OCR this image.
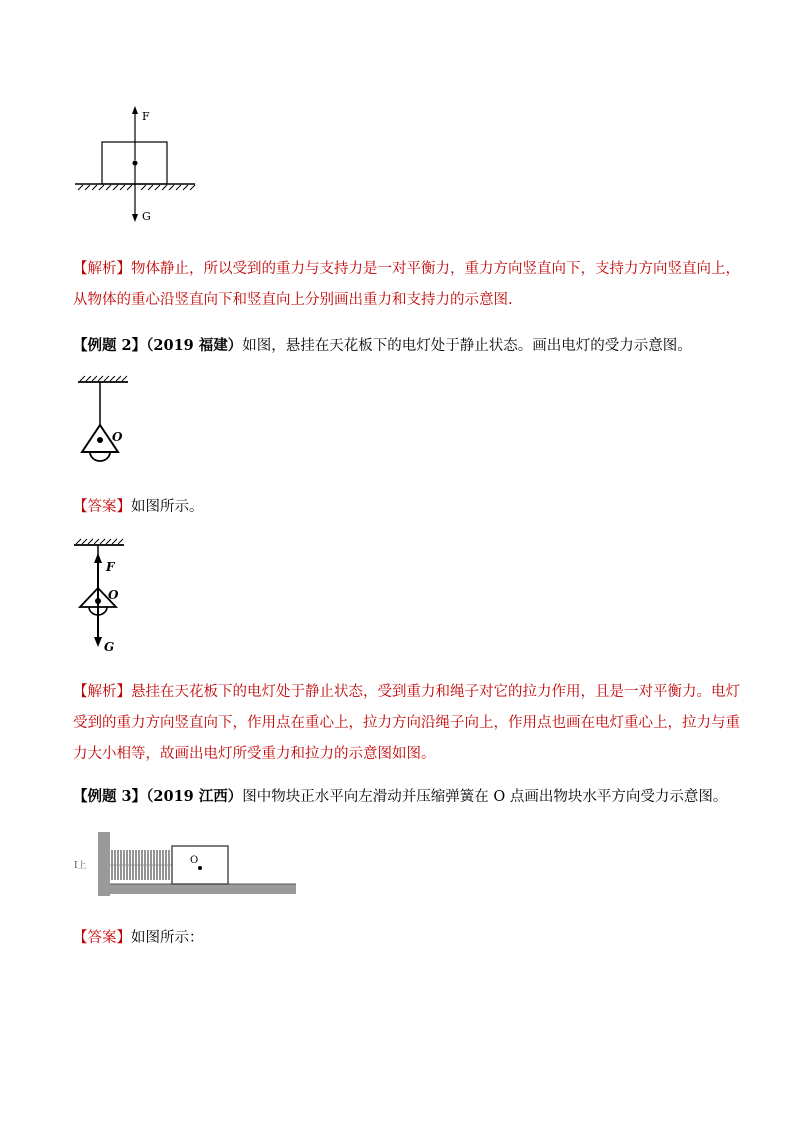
F
G
【解析】物体静止，所以受到的重力与支持力是一对平衡力，重力方向竖直向下，支持力方向竖直向上，
从物体的重心沿竖直向下和竖直向上分别画出重力和支持力的示意图.
【例题 2】（2019 福建）如图，悬挂在天花板下的电灯处于静止状态。画出电灯的受力示意图。
O
【答案】如图所示。
F
O
G
【解析】悬挂在天花板下的电灯处于静止状态，受到重力和绳子对它的拉力作用，且是一对平衡力。电灯
受到的重力方向竖直向下，作用点在重心上，拉力方向沿绳子向上，作用点也画在电灯重心上，拉力与重
力大小相等，故画出电灯所受重力和拉力的示意图如图。
【例题 3】（2019 江西）图中物块正水平向左滑动并压缩弹簧在 O 点画出物块水平方向受力示意图。
O
Ⅰ上
【答案】如图所示：
